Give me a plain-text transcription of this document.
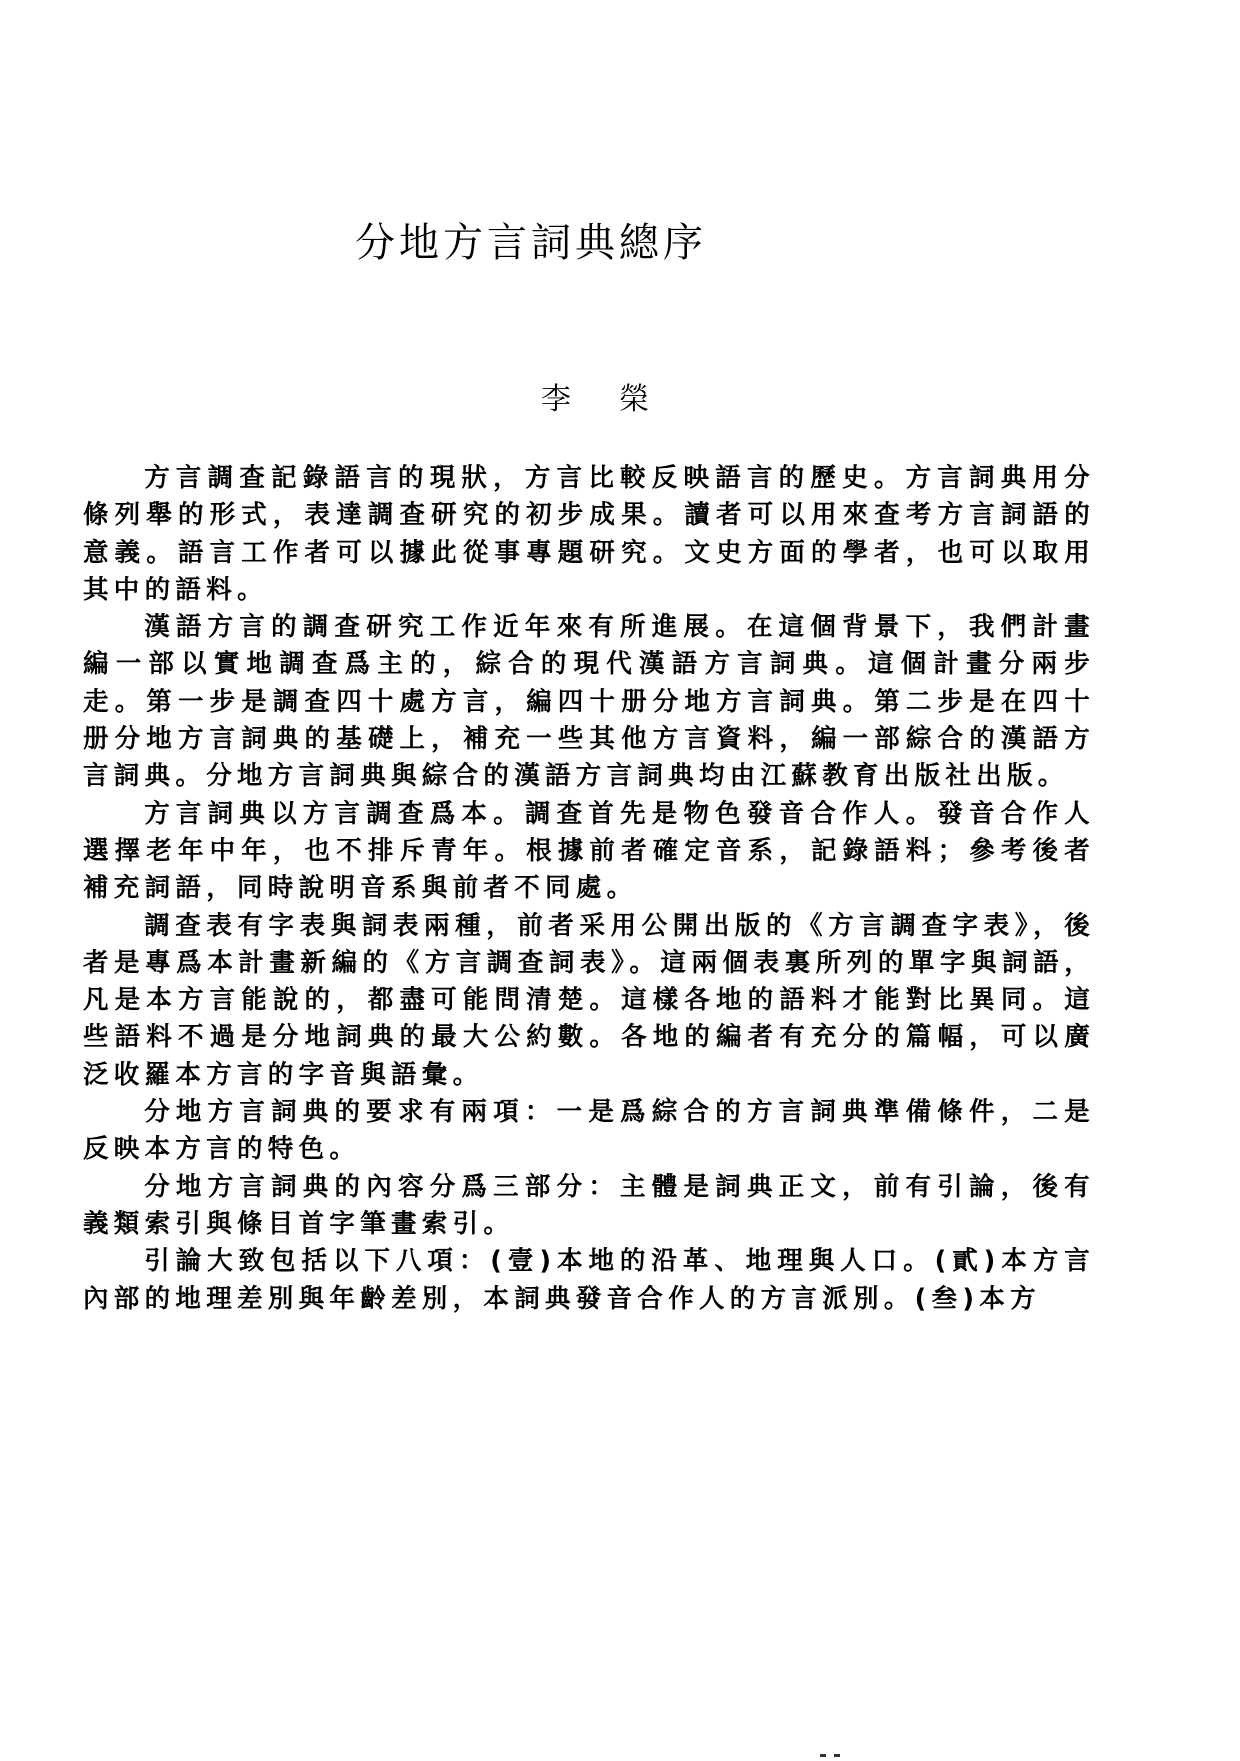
分地方言詞典總序
李 榮

方言調查記錄語言的現狀，方言比較反映語言的歷史。方言詞典用分條列舉的形式，表達調查研究的初步成果。讀者可以用來查考方言詞語的意義。語言工作者可以據此從事專題研究。文史方面的學者，也可以取用其中的語料。

漢語方言的調查研究工作近年來有所進展。在這個背景下，我們計畫編一部以實地調查爲主的，綜合的現代漢語方言詞典。這個計畫分兩步走。第一步是調查四十處方言，編四十册分地方言詞典。第二步是在四十册分地方言詞典的基礎上，補充一些其他方言資料，編一部綜合的漢語方言詞典。分地方言詞典與綜合的漢語方言詞典均由江蘇教育出版社出版。

方言詞典以方言調查爲本。調查首先是物色發音合作人。發音合作人選擇老年中年，也不排斥青年。根據前者確定音系，記錄語料；參考後者補充詞語，同時說明音系與前者不同處。

調查表有字表與詞表兩種，前者采用公開出版的《方言調查字表》，後者是專爲本計畫新編的《方言調查詞表》。這兩個表裏所列的單字與詞語，凡是本方言能說的，都盡可能問清楚。這樣各地的語料才能對比異同。這些語料不過是分地詞典的最大公約數。各地的編者有充分的篇幅，可以廣泛收羅本方言的字音與語彙。

分地方言詞典的要求有兩項：一是爲綜合的方言詞典準備條件，二是反映本方言的特色。

分地方言詞典的內容分爲三部分：主體是詞典正文，前有引論，後有義類索引與條目首字筆畫索引。

引論大致包括以下八項：(壹)本地的沿革、地理與人口。(貳)本方言內部的地理差別與年齡差別，本詞典發音合作人的方言派別。(叁)本方
